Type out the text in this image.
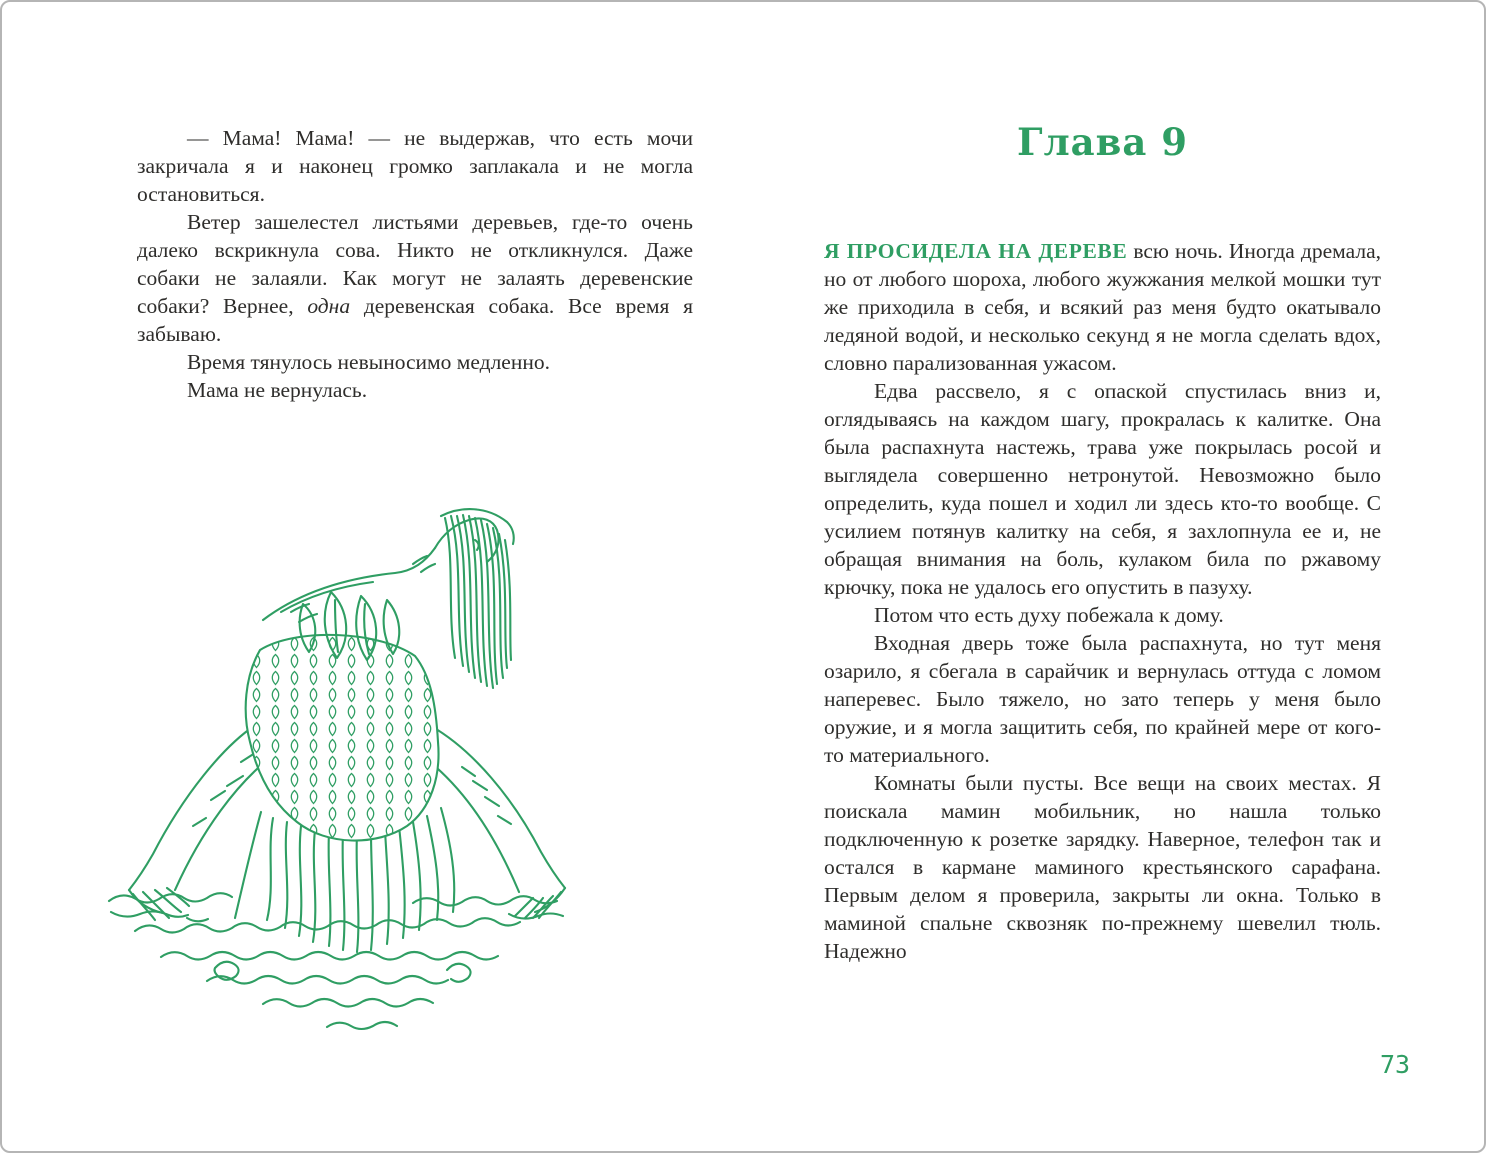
— Мама! Мама! — не выдержав, что есть мочи закричала я и наконец громко заплакала и не могла остановиться.

Ветер зашелестел листьями деревьев, где-то очень далеко вскрикнула сова. Никто не откликнулся. Даже собаки не залаяли. Как могут не залаять деревенские собаки? Вернее, одна деревенская собака. Все время я забываю.

Время тянулось невыносимо медленно.

Мама не вернулась.

Глава 9

Я ПРОСИДЕЛА НА ДЕРЕВЕ всю ночь. Иногда дремала, но от любого шороха, любого жужжания мелкой мошки тут же приходила в себя, и всякий раз меня будто окатывало ледяной водой, и несколько секунд я не могла сделать вдох, словно парализованная ужасом.

Едва рассвело, я с опаской спустилась вниз и, оглядываясь на каждом шагу, прокралась к калитке. Она была распахнута настежь, трава уже покрылась росой и выглядела совершенно нетронутой. Невозможно было определить, куда пошел и ходил ли здесь кто-то вообще. С усилием потянув калитку на себя, я захлопнула ее и, не обращая внимания на боль, кулаком била по ржавому крючку, пока не удалось его опустить в пазуху.

Потом что есть духу побежала к дому.

Входная дверь тоже была распахнута, но тут меня озарило, я сбегала в сарайчик и вернулась оттуда с ломом наперевес. Было тяжело, но зато теперь у меня было оружие, и я могла защитить себя, по крайней мере от кого-то материального.

Комнаты были пусты. Все вещи на своих местах. Я поискала мамин мобильник, но нашла только подключенную к розетке зарядку. Наверное, телефон так и остался в кармане маминого крестьянского сарафана. Первым делом я проверила, закрыты ли окна. Только в маминой спальне сквозняк по-прежнему шевелил тюль. Надежно

73
